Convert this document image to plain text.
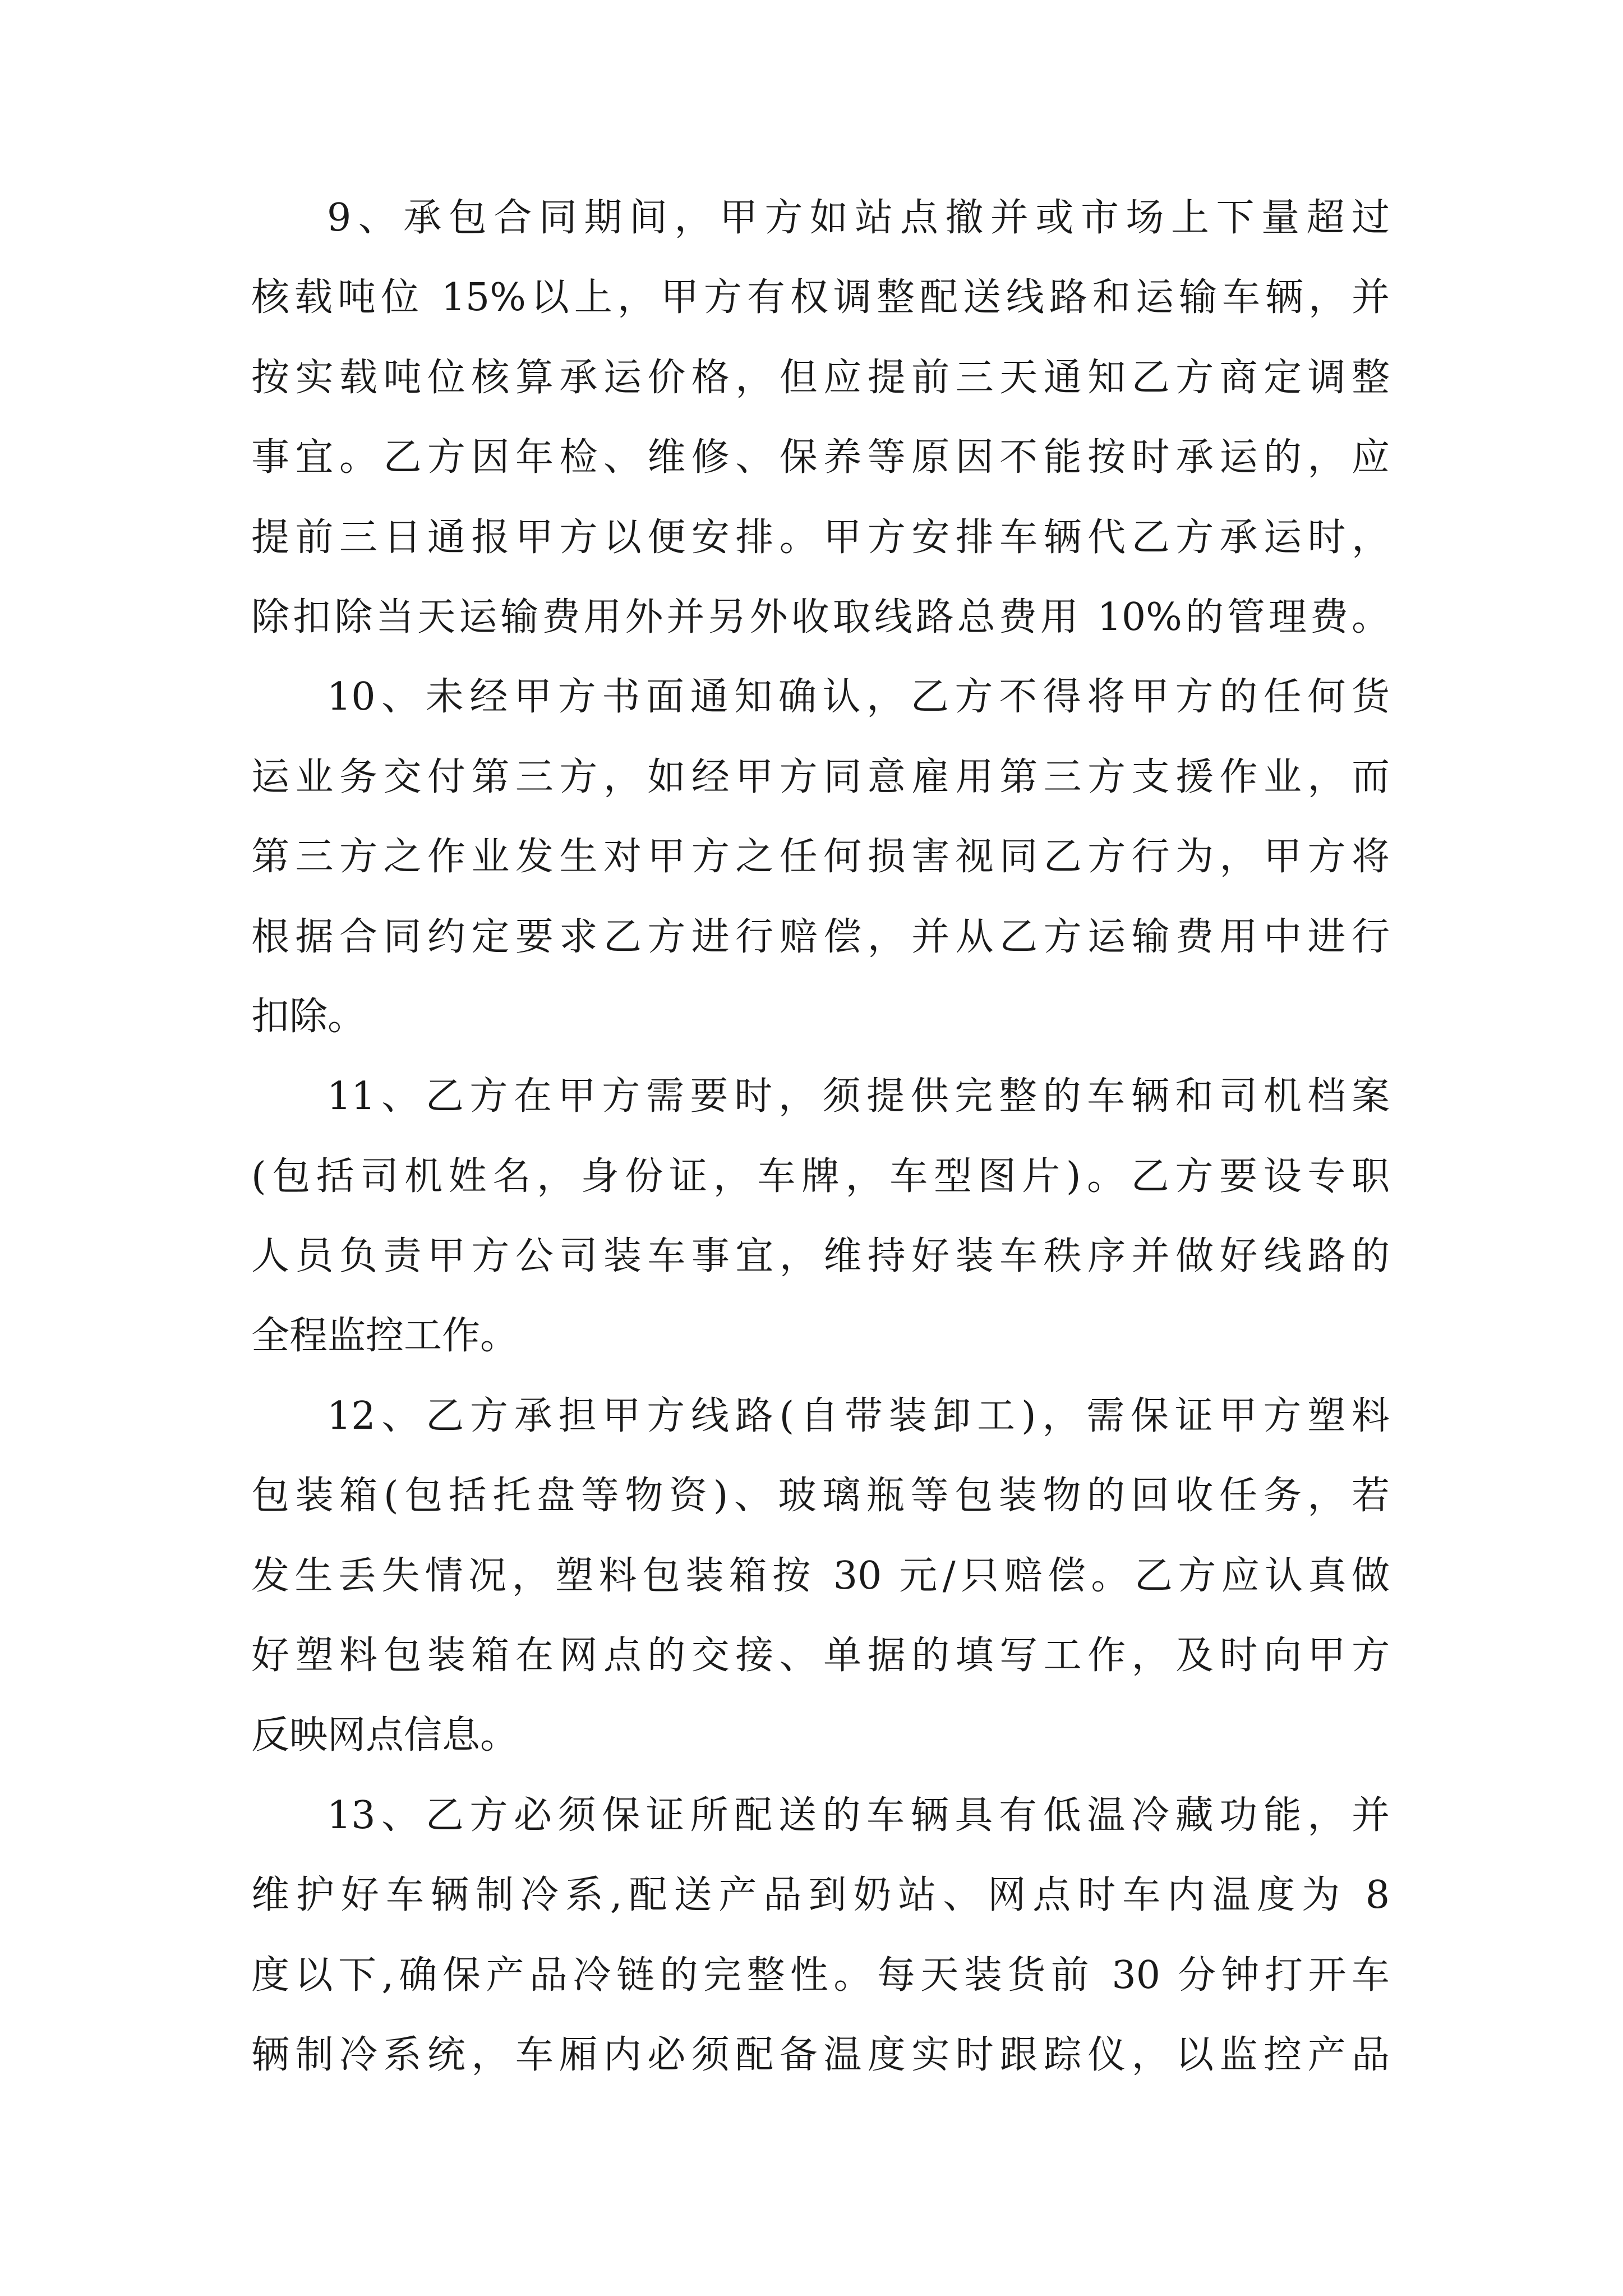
9、承包合同期间，甲方如站点撤并或市场上下量超过
核载吨位 15%以上，甲方有权调整配送线路和运输车辆，并
按实载吨位核算承运价格，但应提前三天通知乙方商定调整
事宜。乙方因年检、维修、保养等原因不能按时承运的，应
提前三日通报甲方以便安排。甲方安排车辆代乙方承运时，
除扣除当天运输费用外并另外收取线路总费用 10%的管理费。
10、未经甲方书面通知确认，乙方不得将甲方的任何货
运业务交付第三方，如经甲方同意雇用第三方支援作业，而
第三方之作业发生对甲方之任何损害视同乙方行为，甲方将
根据合同约定要求乙方进行赔偿，并从乙方运输费用中进行
扣除。
11、乙方在甲方需要时，须提供完整的车辆和司机档案
(包括司机姓名，身份证，车牌，车型图片)。乙方要设专职
人员负责甲方公司装车事宜，维持好装车秩序并做好线路的
全程监控工作。
12、乙方承担甲方线路(自带装卸工)，需保证甲方塑料
包装箱(包括托盘等物资)、玻璃瓶等包装物的回收任务，若
发生丢失情况，塑料包装箱按 30 元/只赔偿。乙方应认真做
好塑料包装箱在网点的交接、单据的填写工作，及时向甲方
反映网点信息。
13、乙方必须保证所配送的车辆具有低温冷藏功能，并
维护好车辆制冷系,配送产品到奶站、网点时车内温度为 8
度以下,确保产品冷链的完整性。每天装货前 30 分钟打开车
辆制冷系统，车厢内必须配备温度实时跟踪仪，以监控产品
